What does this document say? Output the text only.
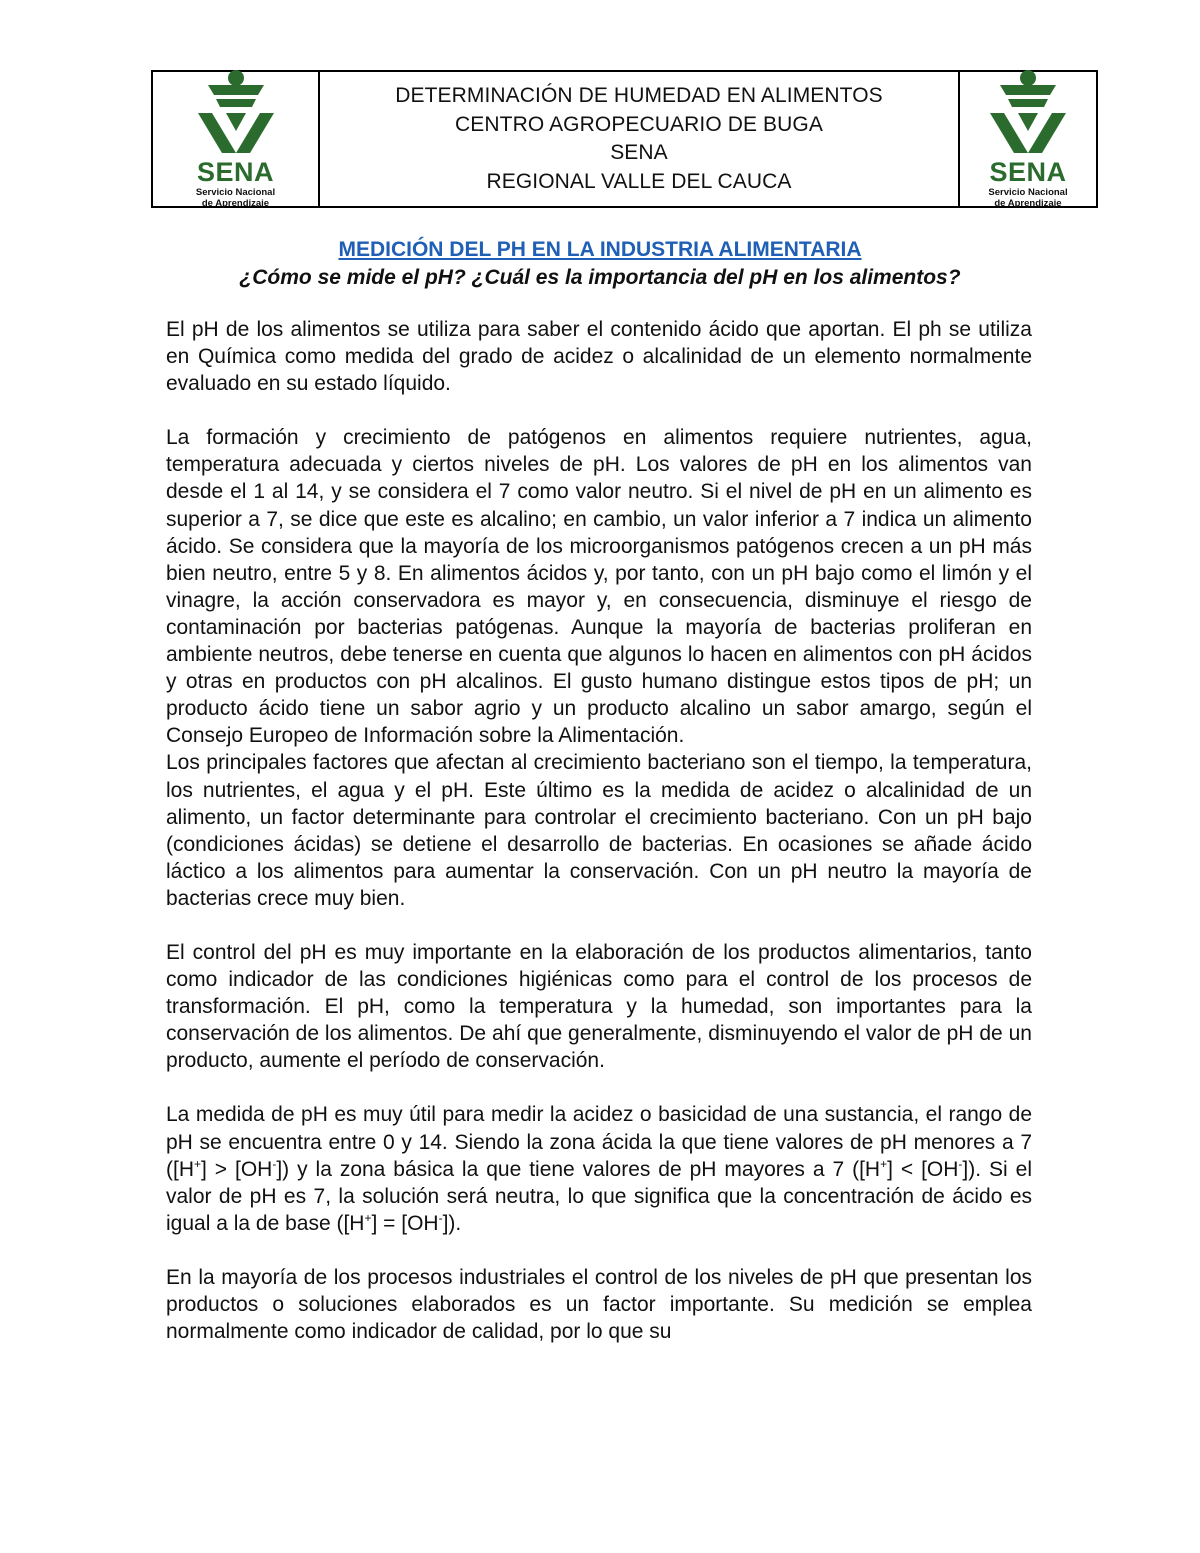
SENA
Servicio Nacional
de Aprendizaje
DETERMINACIÓN DE HUMEDAD EN ALIMENTOS
CENTRO AGROPECUARIO DE BUGA
SENA
REGIONAL VALLE DEL CAUCA	SENA
Servicio Nacional
de Aprendizaje
MEDICIÓN DEL PH EN LA INDUSTRIA ALIMENTARIA
¿Cómo se mide el pH? ¿Cuál es la importancia del pH en los alimentos?

El pH de los alimentos se utiliza para saber el contenido ácido que aportan. El ph se utiliza en Química como medida del grado de acidez o alcalinidad de un elemento normalmente evaluado en su estado líquido.

La formación y crecimiento de patógenos en alimentos requiere nutrientes, agua, temperatura adecuada y ciertos niveles de pH. Los valores de pH en los alimentos van desde el 1 al 14, y se considera el 7 como valor neutro. Si el nivel de pH en un alimento es superior a 7, se dice que este es alcalino; en cambio, un valor inferior a 7 indica un alimento ácido. Se considera que la mayoría de los microorganismos patógenos crecen a un pH más bien neutro, entre 5 y 8. En alimentos ácidos y, por tanto, con un pH bajo como el limón y el vinagre, la acción conservadora es mayor y, en consecuencia, disminuye el riesgo de contaminación por bacterias patógenas. Aunque la mayoría de bacterias proliferan en ambiente neutros, debe tenerse en cuenta que algunos lo hacen en alimentos con pH ácidos y otras en productos con pH alcalinos. El gusto humano distingue estos tipos de pH; un producto ácido tiene un sabor agrio y un producto alcalino un sabor amargo, según el Consejo Europeo de Información sobre la Alimentación.

Los principales factores que afectan al crecimiento bacteriano son el tiempo, la temperatura, los nutrientes, el agua y el pH. Este último es la medida de acidez o alcalinidad de un alimento, un factor determinante para controlar el crecimiento bacteriano. Con un pH bajo (condiciones ácidas) se detiene el desarrollo de bacterias. En ocasiones se añade ácido láctico a los alimentos para aumentar la conservación. Con un pH neutro la mayoría de bacterias crece muy bien.

El control del pH es muy importante en la elaboración de los productos alimentarios, tanto como indicador de las condiciones higiénicas como para el control de los procesos de transformación. El pH, como la temperatura y la humedad, son importantes para la conservación de los alimentos. De ahí que generalmente, disminuyendo el valor de pH de un producto, aumente el período de conservación.

La medida de pH es muy útil para medir la acidez o basicidad de una sustancia, el rango de pH se encuentra entre 0 y 14. Siendo la zona ácida la que tiene valores de pH menores a 7 ([H+] > [OH-]) y la zona básica la que tiene valores de pH mayores a 7 ([H+] < [OH-]). Si el valor de pH es 7, la solución será neutra, lo que significa que la concentración de ácido es igual a la de base ([H+] = [OH-]).

En la mayoría de los procesos industriales el control de los niveles de pH que presentan los productos o soluciones elaborados es un factor importante. Su medición se emplea normalmente como indicador de calidad, por lo que su
